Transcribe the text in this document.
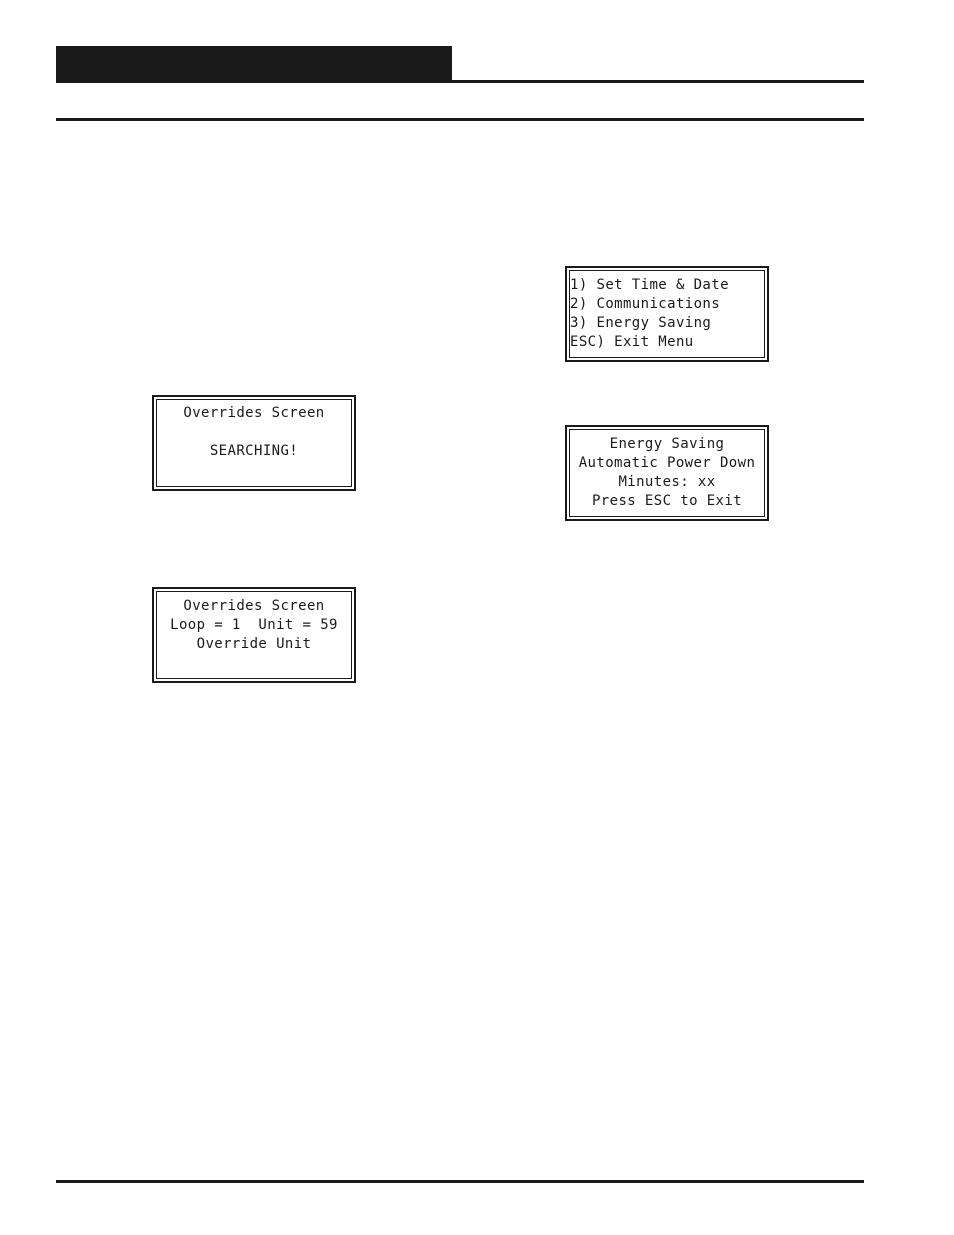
Overrides Screen
SEARCHING!
Overrides Screen
Loop = 1  Unit = 59
Override Unit
1) Set Time & Date
2) Communications
3) Energy Saving
ESC) Exit Menu
Energy Saving
Automatic Power Down
Minutes: xx
Press ESC to Exit
